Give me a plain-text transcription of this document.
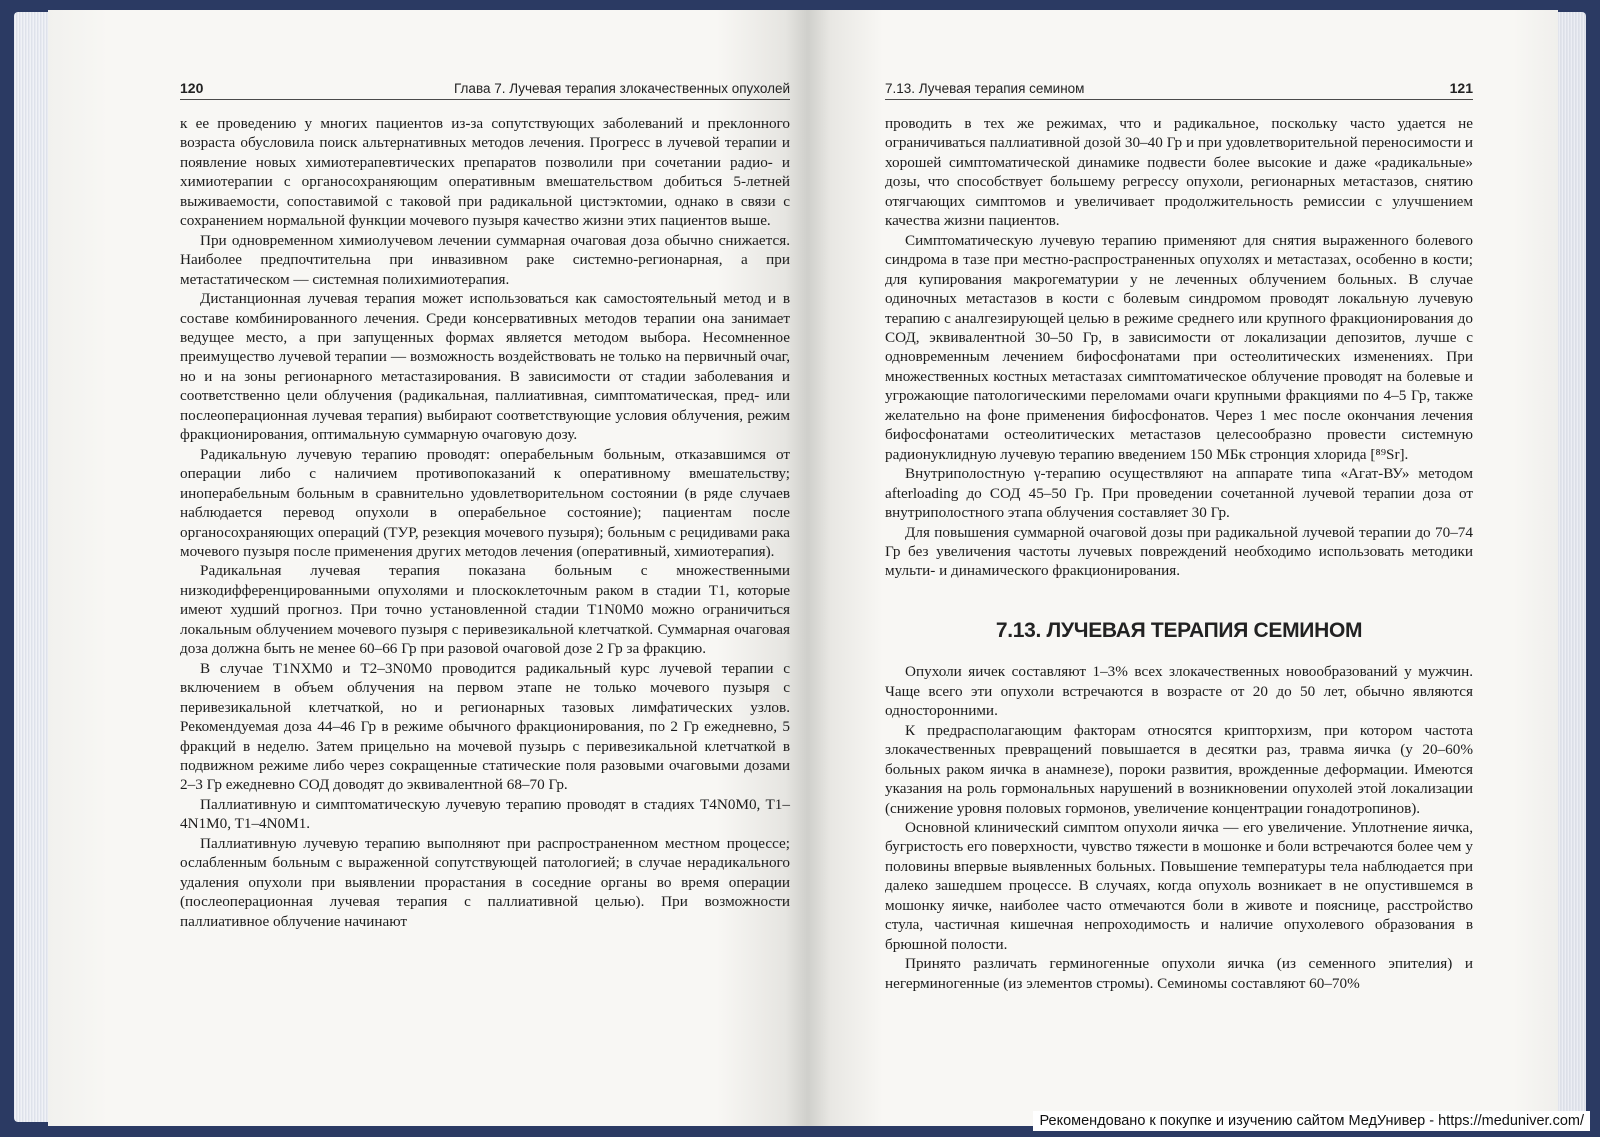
120	Глава 7. Лучевая терапия злокачественных опухолей

к ее проведению у многих пациентов из-за сопутствующих заболеваний и преклонного возраста обусловила поиск альтернативных методов лечения. Прогресс в лучевой терапии и появление новых химиотерапевтических препаратов позволили при сочетании радио- и химиотерапии с органосохраняющим оперативным вмешательством добиться 5-летней выживаемости, сопоставимой с таковой при радикальной цистэктомии, однако в связи с сохранением нормальной функции мочевого пузыря качество жизни этих пациентов выше.

При одновременном химиолучевом лечении суммарная очаговая доза обычно снижается. Наиболее предпочтительна при инвазивном раке системно-регионарная, а при метастатическом — системная полихимиотерапия.

Дистанционная лучевая терапия может использоваться как самостоятельный метод и в составе комбинированного лечения. Среди консервативных методов терапии она занимает ведущее место, а при запущенных формах является методом выбора. Несомненное преимущество лучевой терапии — возможность воздействовать не только на первичный очаг, но и на зоны регионарного метастазирования. В зависимости от стадии заболевания и соответственно цели облучения (радикальная, паллиативная, симптоматическая, пред- или послеоперационная лучевая терапия) выбирают соответствующие условия облучения, режим фракционирования, оптимальную суммарную очаговую дозу.

Радикальную лучевую терапию проводят: операбельным больным, отказавшимся от операции либо с наличием противопоказаний к оперативному вмешательству; иноперабельным больным в сравнительно удовлетворительном состоянии (в ряде случаев наблюдается перевод опухоли в операбельное состояние); пациентам после органосохраняющих операций (ТУР, резекция мочевого пузыря); больным с рецидивами рака мочевого пузыря после применения других методов лечения (оперативный, химиотерапия).

Радикальная лучевая терапия показана больным с множественными низкодифференцированными опухолями и плоскоклеточным раком в стадии T1, которые имеют худший прогноз. При точно установленной стадии T1N0M0 можно ограничиться локальным облучением мочевого пузыря с перивезикальной клетчаткой. Суммарная очаговая доза должна быть не менее 60–66 Гр при разовой очаговой дозе 2 Гр за фракцию.

В случае T1NXM0 и T2–3N0M0 проводится радикальный курс лучевой терапии с включением в объем облучения на первом этапе не только мочевого пузыря с перивезикальной клетчаткой, но и регионарных тазовых лимфатических узлов. Рекомендуемая доза 44–46 Гр в режиме обычного фракционирования, по 2 Гр ежедневно, 5 фракций в неделю. Затем прицельно на мочевой пузырь с перивезикальной клетчаткой в подвижном режиме либо через сокращенные статические поля разовыми очаговыми дозами 2–3 Гр ежедневно СОД доводят до эквивалентной 68–70 Гр.

Паллиативную и симптоматическую лучевую терапию проводят в стадиях T4N0M0, T1–4N1M0, T1–4N0M1.

Паллиативную лучевую терапию выполняют при распространенном местном процессе; ослабленным больным с выраженной сопутствующей патологией; в случае нерадикального удаления опухоли при выявлении прорастания в соседние органы во время операции (послеоперационная лучевая терапия с паллиативной целью). При возможности паллиативное облучение начинают

7.13. Лучевая терапия семином	121

проводить в тех же режимах, что и радикальное, поскольку часто удается не ограничиваться паллиативной дозой 30–40 Гр и при удовлетворительной переносимости и хорошей симптоматической динамике подвести более высокие и даже «радикальные» дозы, что способствует большему регрессу опухоли, регионарных метастазов, снятию отягчающих симптомов и увеличивает продолжительность ремиссии с улучшением качества жизни пациентов.

Симптоматическую лучевую терапию применяют для снятия выраженного болевого синдрома в тазе при местно-распространенных опухолях и метастазах, особенно в кости; для купирования макрогематурии у не леченных облучением больных. В случае одиночных метастазов в кости с болевым синдромом проводят локальную лучевую терапию с аналгезирующей целью в режиме среднего или крупного фракционирования до СОД, эквивалентной 30–50 Гр, в зависимости от локализации депозитов, лучше с одновременным лечением бифосфонатами при остеолитических изменениях. При множественных костных метастазах симптоматическое облучение проводят на болевые и угрожающие патологическими переломами очаги крупными фракциями по 4–5 Гр, также желательно на фоне применения бифосфонатов. Через 1 мес после окончания лечения бифосфонатами остеолитических метастазов целесообразно провести системную радионуклидную лучевую терапию введением 150 МБк стронция хлорида [⁸⁹Sr].

Внутриполостную γ-терапию осуществляют на аппарате типа «Агат-ВУ» методом afterloading до СОД 45–50 Гр. При проведении сочетанной лучевой терапии доза от внутриполостного этапа облучения составляет 30 Гр.

Для повышения суммарной очаговой дозы при радикальной лучевой терапии до 70–74 Гр без увеличения частоты лучевых повреждений необходимо использовать методики мульти- и динамического фракционирования.

7.13. ЛУЧЕВАЯ ТЕРАПИЯ СЕМИНОМ

Опухоли яичек составляют 1–3% всех злокачественных новообразований у мужчин. Чаще всего эти опухоли встречаются в возрасте от 20 до 50 лет, обычно являются односторонними.

К предрасполагающим факторам относятся крипторхизм, при котором частота злокачественных превращений повышается в десятки раз, травма яичка (у 20–60% больных раком яичка в анамнезе), пороки развития, врожденные деформации. Имеются указания на роль гормональных нарушений в возникновении опухолей этой локализации (снижение уровня половых гормонов, увеличение концентрации гонадотропинов).

Основной клинический симптом опухоли яичка — его увеличение. Уплотнение яичка, бугристость его поверхности, чувство тяжести в мошонке и боли встречаются более чем у половины впервые выявленных больных. Повышение температуры тела наблюдается при далеко зашедшем процессе. В случаях, когда опухоль возникает в не опустившемся в мошонку яичке, наиболее часто отмечаются боли в животе и пояснице, расстройство стула, частичная кишечная непроходимость и наличие опухолевого образования в брюшной полости.

Принято различать герминогенные опухоли яичка (из семенного эпителия) и негерминогенные (из элементов стромы). Семиномы составляют 60–70%

Рекомендовано к покупке и изучению сайтом МедУнивер - https://meduniver.com/
